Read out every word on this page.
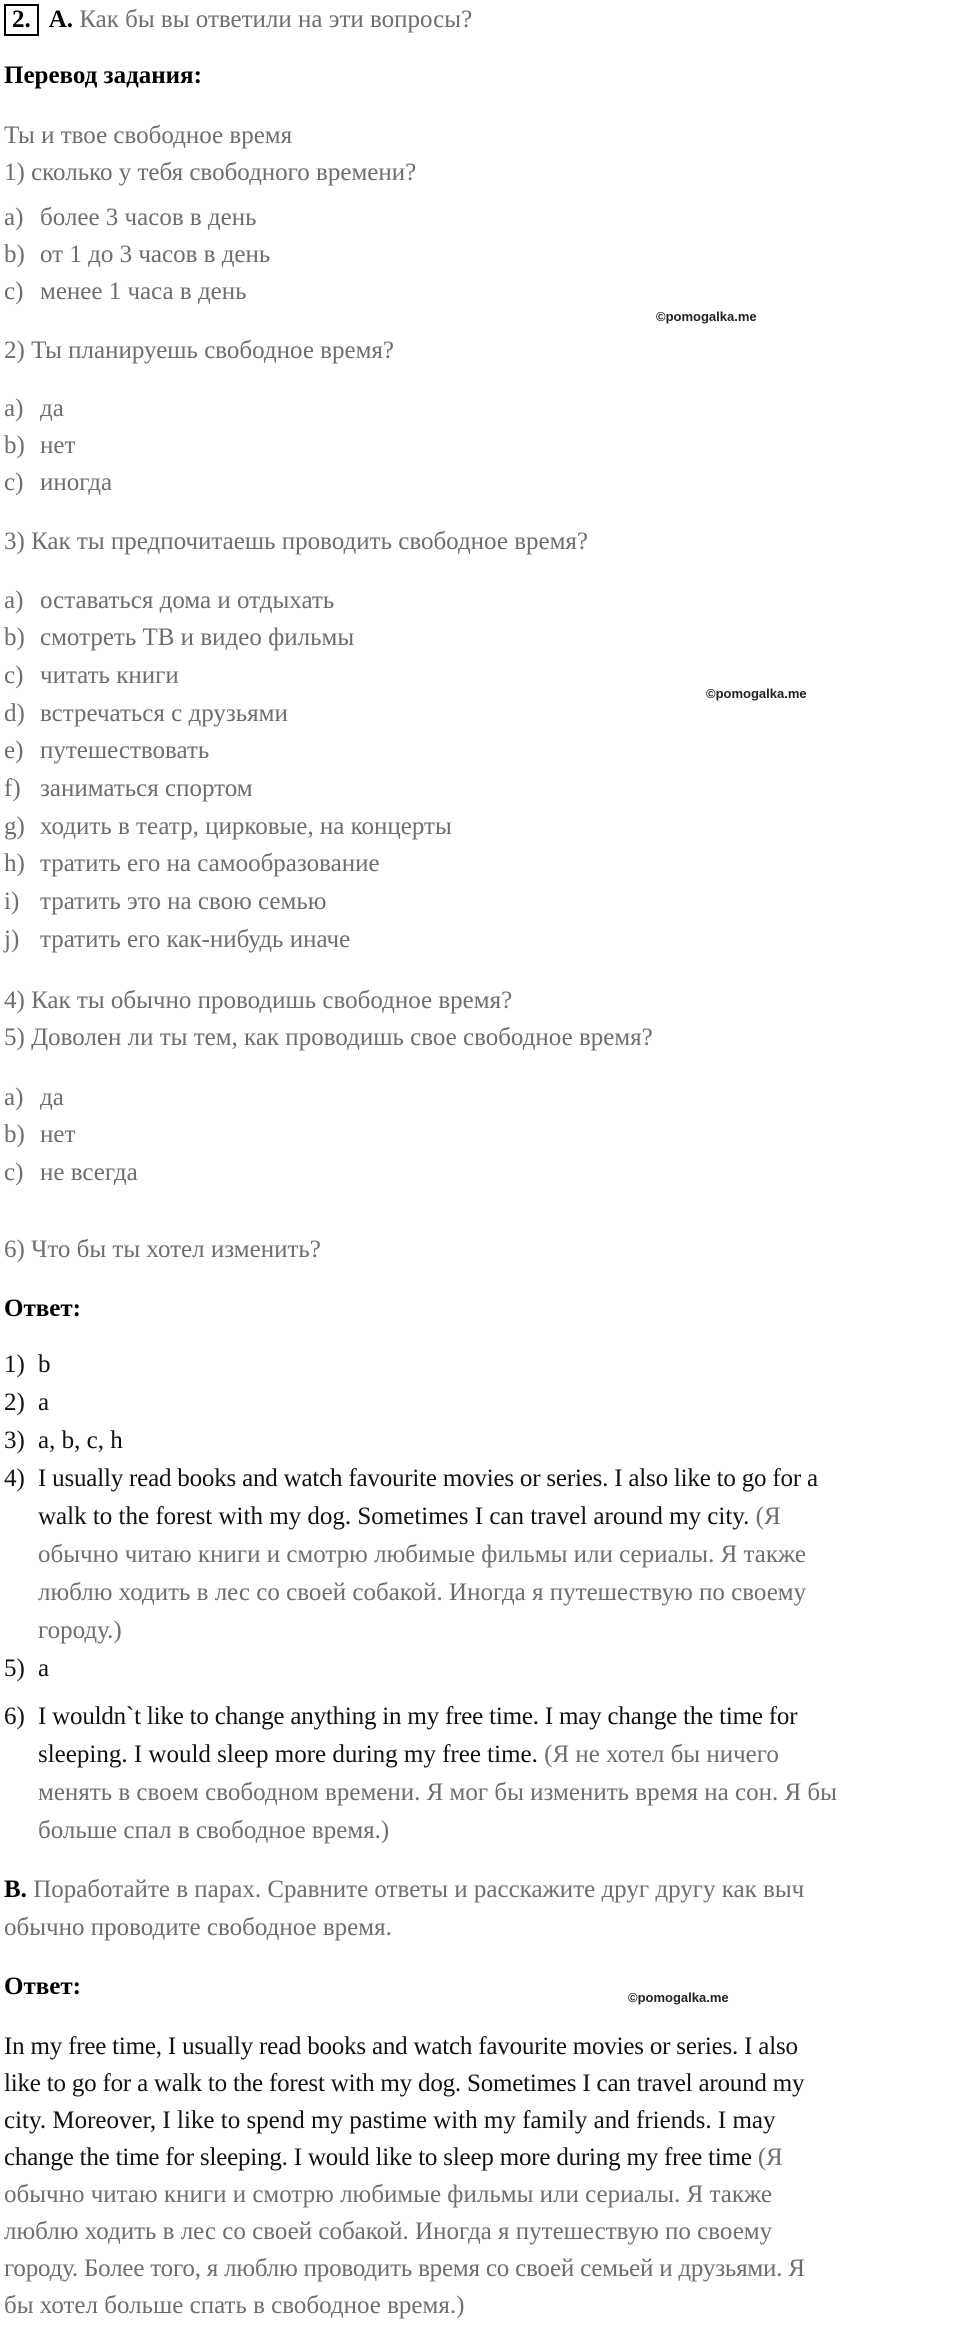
2. A. Как бы вы ответили на эти вопросы?
Перевод задания:
Ты и твое свободное время
1) сколько у тебя свободного времени?
a) более 3 часов в день
b) от 1 до 3 часов в день
c) менее 1 часа в день
©pomogalka.me
2) Ты планируешь свободное время?
a) да
b) нет
c) иногда
3) Как ты предпочитаешь проводить свободное время?
a) оставаться дома и отдыхать
b) смотреть ТВ и видео фильмы
c) читать книги
©pomogalka.me
d) встречаться с друзьями
e) путешествовать
f) заниматься спортом
g) ходить в театр, цирковые, на концерты
h) тратить его на самообразование
i) тратить это на свою семью
j) тратить его как-нибудь иначе
4) Как ты обычно проводишь свободное время?
5) Доволен ли ты тем, как проводишь свое свободное время?
a) да
b) нет
c) не всегда
6) Что бы ты хотел изменить?
Ответ:
1) b
2) a
3) a, b, c, h
4) I usually read books and watch favourite movies or series. I also like to go for a
walk to the forest with my dog. Sometimes I can travel around my city. (Я
обычно читаю книги и смотрю любимые фильмы или сериалы. Я также
люблю ходить в лес со своей собакой. Иногда я путешествую по своему
городу.)
5) a
6) I wouldn`t like to change anything in my free time. I may change the time for
sleeping. I would sleep more during my free time. (Я не хотел бы ничего
менять в своем свободном времени. Я мог бы изменить время на сон. Я бы
больше спал в свободное время.)
B. Поработайте в парах. Сравните ответы и расскажите друг другу как выч
обычно проводите свободное время.
Ответ:	©pomogalka.me
In my free time, I usually read books and watch favourite movies or series. I also
like to go for a walk to the forest with my dog. Sometimes I can travel around my
city. Moreover, I like to spend my pastime with my family and friends. I may
change the time for sleeping. I would like to sleep more during my free time (Я
обычно читаю книги и смотрю любимые фильмы или сериалы. Я также
люблю ходить в лес со своей собакой. Иногда я путешествую по своему
городу. Более того, я люблю проводить время со своей семьей и друзьями. Я
бы хотел больше спать в свободное время.)
